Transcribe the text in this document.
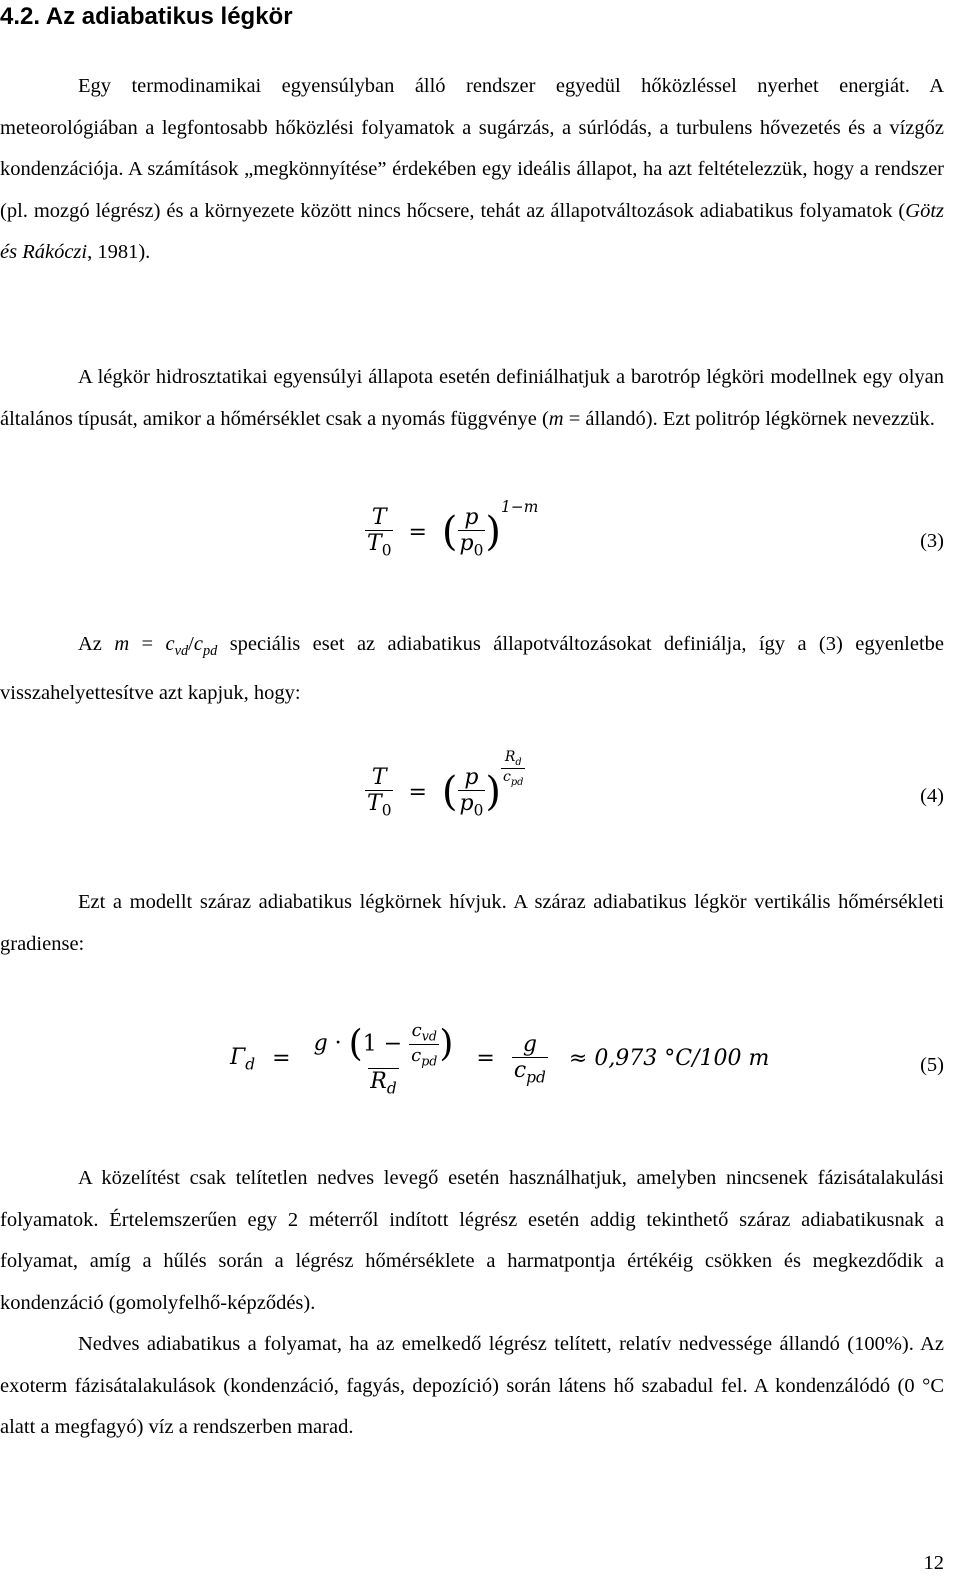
4.2. Az adiabatikus légkör

Egy termodinamikai egyensúlyban álló rendszer egyedül hőközléssel nyerhet energiát. A meteorológiában a legfontosabb hőközlési folyamatok a sugárzás, a súrlódás, a turbulens hővezetés és a vízgőz kondenzációja. A számítások „megkönnyítése” érdekében egy ideális állapot, ha azt feltételezzük, hogy a rendszer (pl. mozgó légrész) és a környezete között nincs hőcsere, tehát az állapotváltozások adiabatikus folyamatok (Götz és Rákóczi, 1981).

A légkör hidrosztatikai egyensúlyi állapota esetén definiálhatjuk a barotróp légköri modellnek egy olyan általános típusát, amikor a hőmérséklet csak a nyomás függvénye (m = állandó). Ezt politróp légkörnek nevezzük.

$\frac{T}{T_0}$ = ( $\frac{p}{p_0} )^{1-m}$
(3)

Az $m = c_{vd}/c_{pd}$ speciális eset az adiabatikus állapotváltozásokat definiálja, így a (3) egyenletbe visszahelyettesítve azt kapjuk, hogy:

$\frac{T}{T_0}$ = ( $\frac{p}{p_0}$ )
$\frac{R_d}{c_{pd}}$
(4)

Ezt a modellt száraz adiabatikus légkörnek hívjuk. A száraz adiabatikus légkör vertikális hőmérsékleti gradiense:

$\Gamma_d = \frac{g \cdot (1 - \frac{c_{vd}}{c_{pd}} )}{R_d} = \frac{g}{c_{pd}} \approx 0,973$ °C/100 m	(5)

A közelítést csak telítetlen nedves levegő esetén használhatjuk, amelyben nincsenek fázisátalakulási folyamatok. Értelemszerűen egy 2 méterről indított légrész esetén addig tekinthető száraz adiabatikusnak a folyamat, amíg a hűlés során a légrész hőmérséklete a harmatpontja értékéig csökken és megkezdődik a kondenzáció (gomolyfelhő-képződés).

Nedves adiabatikus a folyamat, ha az emelkedő légrész telített, relatív nedvessége állandó (100%). Az exoterm fázisátalakulások (kondenzáció, fagyás, depozíció) során látens hő szabadul fel. A kondenzálódó (0 °C alatt a megfagyó) víz a rendszerben marad.

12
